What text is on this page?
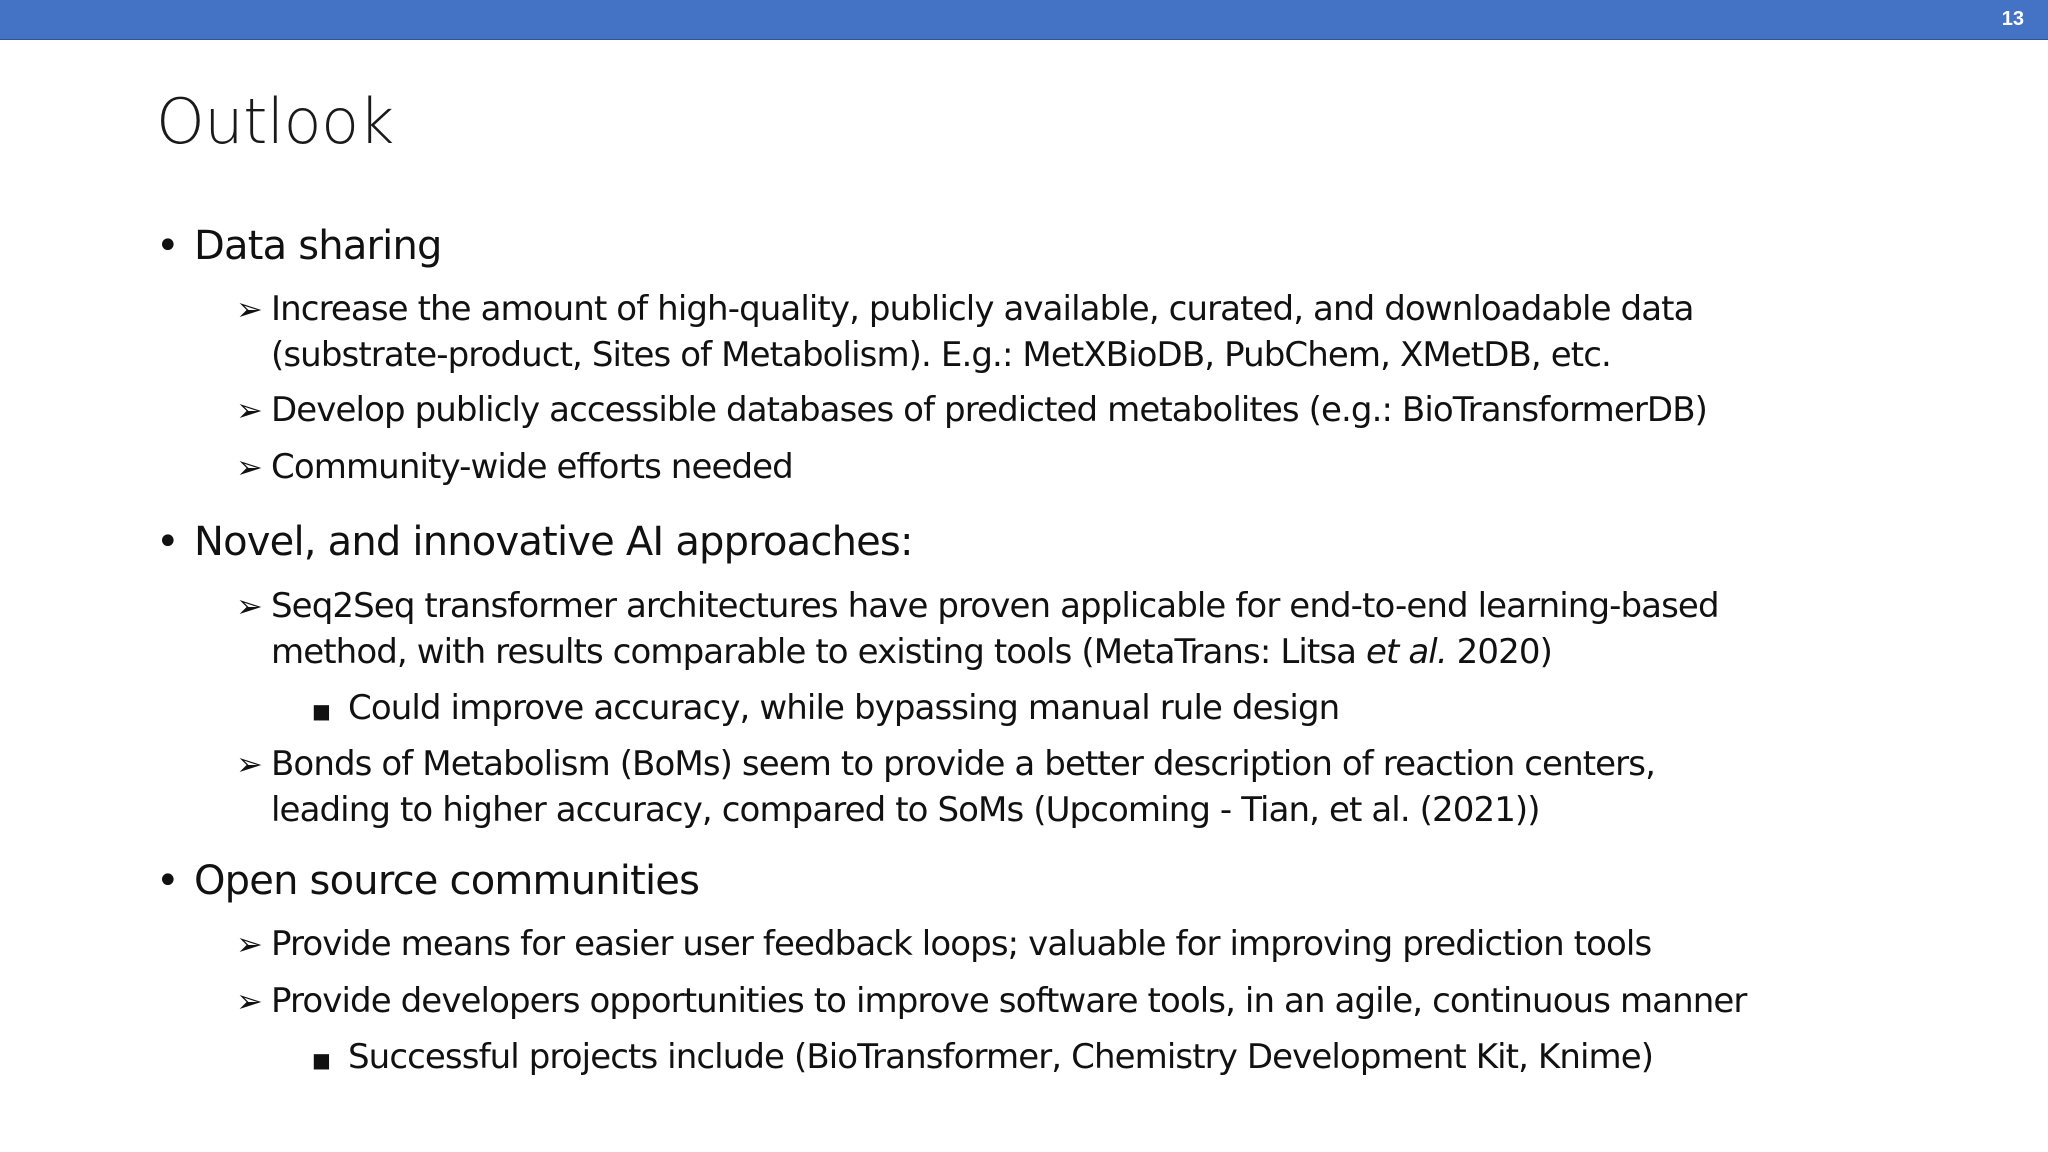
13
Outlook
• Data sharing
➢ Increase the amount of high-quality, publicly available, curated, and downloadable data
(substrate-product, Sites of Metabolism). E.g.: MetXBioDB, PubChem, XMetDB, etc.
➢ Develop publicly accessible databases of predicted metabolites (e.g.: BioTransformerDB)
➢ Community-wide efforts needed
• Novel, and innovative AI approaches:
➢ Seq2Seq transformer architectures have proven applicable for end-to-end learning-based
method, with results comparable to existing tools (MetaTrans: Litsa et al. 2020)
■ Could improve accuracy, while bypassing manual rule design
➢ Bonds of Metabolism (BoMs) seem to provide a better description of reaction centers,
leading to higher accuracy, compared to SoMs (Upcoming - Tian, et al. (2021))
• Open source communities
➢ Provide means for easier user feedback loops; valuable for improving prediction tools
➢ Provide developers opportunities to improve software tools, in an agile, continuous manner
■ Successful projects include (BioTransformer, Chemistry Development Kit, Knime)
